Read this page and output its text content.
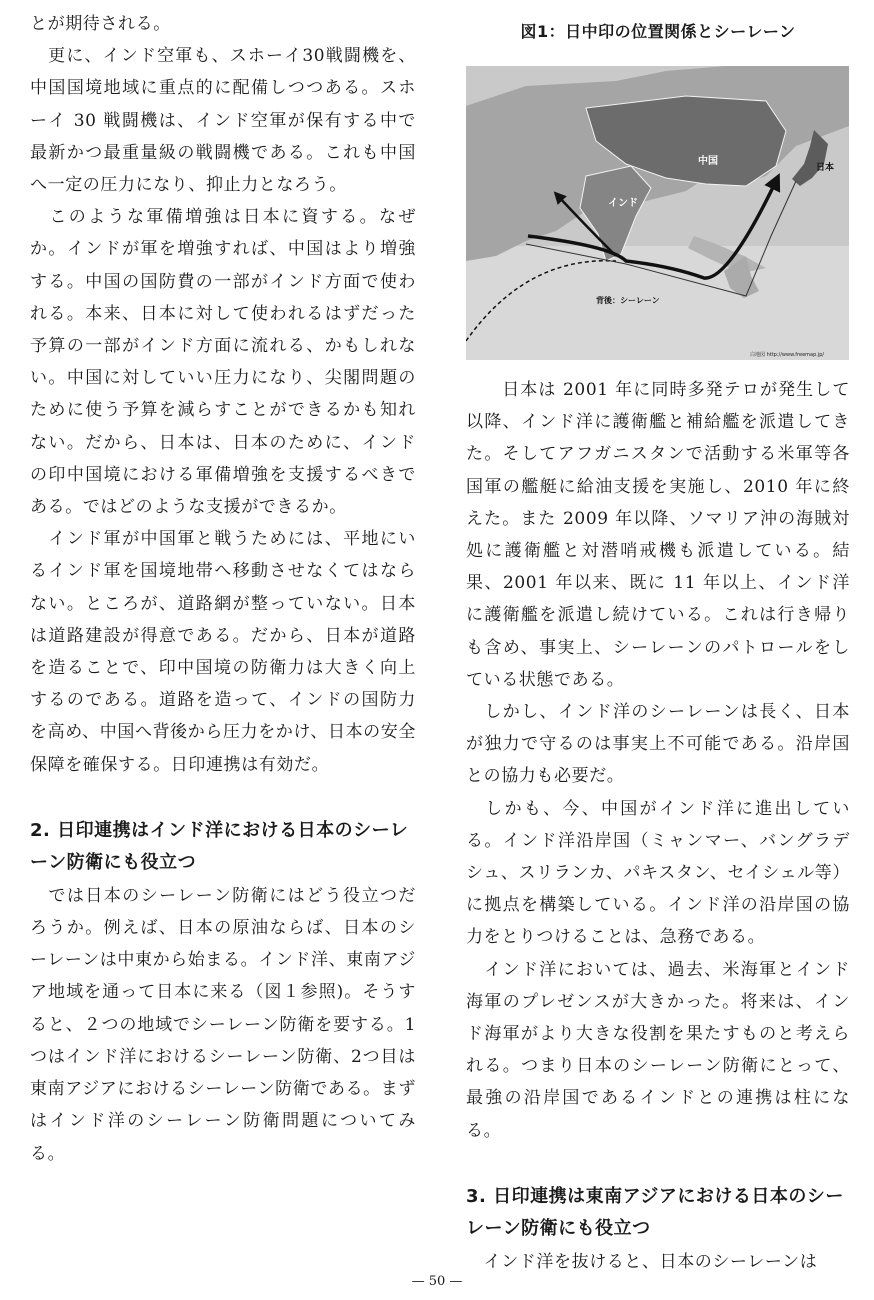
とが期待される。

　更に、インド空軍も、スホーイ30戦闘機を、中国国境地域に重点的に配備しつつある。スホーイ 30 戦闘機は、インド空軍が保有する中で最新かつ最重量級の戦闘機である。これも中国へ一定の圧力になり、抑止力となろう。

　このような軍備増強は日本に資する。なぜか。インドが軍を増強すれば、中国はより増強する。中国の国防費の一部がインド方面で使われる。本来、日本に対して使われるはずだった予算の一部がインド方面に流れる、かもしれない。中国に対していい圧力になり、尖閣問題のために使う予算を減らすことができるかも知れない。だから、日本は、日本のために、インドの印中国境における軍備増強を支援するべきである。ではどのような支援ができるか。

　インド軍が中国軍と戦うためには、平地にいるインド軍を国境地帯へ移動させなくてはならない。ところが、道路網が整っていない。日本は道路建設が得意である。だから、日本が道路を造ることで、印中国境の防衛力は大きく向上するのである。道路を造って、インドの国防力を高め、中国へ背後から圧力をかけ、日本の安全保障を確保する。日印連携は有効だ。

2. 日印連携はインド洋における日本のシーレーン防衛にも役立つ

　では日本のシーレーン防衛にはどう役立つだろうか。例えば、日本の原油ならば、日本のシーレーンは中東から始まる。インド洋、東南アジア地域を通って日本に来る（図１参照)。そうすると、２つの地域でシーレーン防衛を要する。1つはインド洋におけるシーレーン防衛、2つ目は東南アジアにおけるシーレーン防衛である。まずはインド洋のシーレーン防衛問題についてみる。

図1：日中印の位置関係とシーレーン
中国
インド
日本
背後：シーレーン
白地図 http://www.freemap.jp/

　　日本は 2001 年に同時多発テロが発生して以降、インド洋に護衛艦と補給艦を派遣してきた。そしてアフガニスタンで活動する米軍等各国軍の艦艇に給油支援を実施し、2010 年に終えた。また 2009 年以降、ソマリア沖の海賊対処に護衛艦と対潜哨戒機も派遣している。結果、2001 年以来、既に 11 年以上、インド洋に護衛艦を派遣し続けている。これは行き帰りも含め、事実上、シーレーンのパトロールをしている状態である。

　しかし、インド洋のシーレーンは長く、日本が独力で守るのは事実上不可能である。沿岸国との協力も必要だ。

　しかも、今、中国がインド洋に進出している。インド洋沿岸国（ミャンマー、バングラデシュ、スリランカ、パキスタン、セイシェル等）に拠点を構築している。インド洋の沿岸国の協力をとりつけることは、急務である。

　インド洋においては、過去、米海軍とインド海軍のプレゼンスが大きかった。将来は、インド海軍がより大きな役割を果たすものと考えられる。つまり日本のシーレーン防衛にとって、最強の沿岸国であるインドとの連携は柱になる。

3. 日印連携は東南アジアにおける日本のシーレーン防衛にも役立つ

　インド洋を抜けると、日本のシーレーンは

— 50 —
